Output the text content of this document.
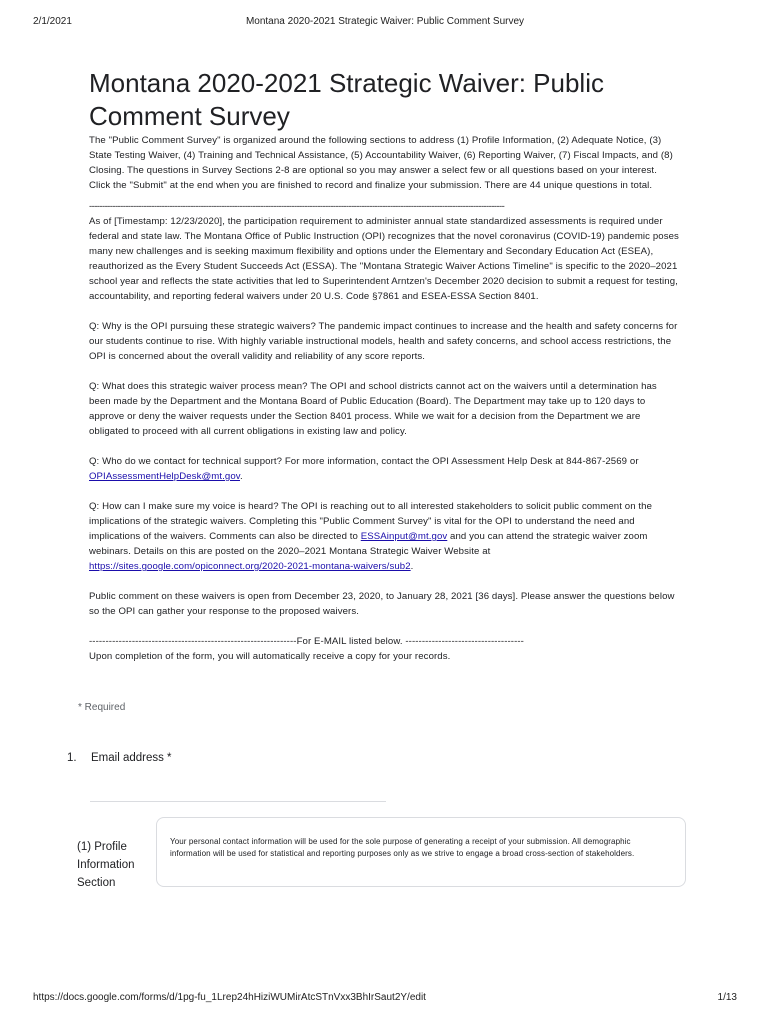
2/1/2021	Montana 2020-2021 Strategic Waiver: Public Comment Survey
Montana 2020-2021 Strategic Waiver: Public Comment Survey

The "Public Comment Survey" is organized around the following sections to address (1) Profile Information, (2) Adequate Notice, (3) State Testing Waiver, (4) Training and Technical Assistance, (5) Accountability Waiver, (6) Reporting Waiver, (7) Fiscal Impacts, and (8) Closing. The questions in Survey Sections 2-8 are optional so you may answer a select few or all questions based on your interest. Click the "Submit" at the end when you are finished to record and finalize your submission. There are 44 unique questions in total.

----------------------------------------------------------------------------------------------------------------------------------------------------------------

As of [Timestamp: 12/23/2020], the participation requirement to administer annual state standardized assessments is required under federal and state law. The Montana Office of Public Instruction (OPI) recognizes that the novel coronavirus (COVID-19) pandemic poses many new challenges and is seeking maximum flexibility and options under the Elementary and Secondary Education Act (ESEA), reauthorized as the Every Student Succeeds Act (ESSA). The "Montana Strategic Waiver Actions Timeline" is specific to the 2020–2021 school year and reflects the state activities that led to Superintendent Arntzen's December 2020 decision to submit a request for testing, accountability, and reporting federal waivers under 20 U.S. Code §7861 and ESEA-ESSA Section 8401.

Q: Why is the OPI pursuing these strategic waivers? The pandemic impact continues to increase and the health and safety concerns for our students continue to rise. With highly variable instructional models, health and safety concerns, and school access restrictions, the OPI is concerned about the overall validity and reliability of any score reports.

Q: What does this strategic waiver process mean? The OPI and school districts cannot act on the waivers until a determination has been made by the Department and the Montana Board of Public Education (Board). The Department may take up to 120 days to approve or deny the waiver requests under the Section 8401 process. While we wait for a decision from the Department we are obligated to proceed with all current obligations in existing law and policy.

Q: Who do we contact for technical support? For more information, contact the OPI Assessment Help Desk at 844-867-2569 or OPIAssessmentHelpDesk@mt.gov.

Q: How can I make sure my voice is heard? The OPI is reaching out to all interested stakeholders to solicit public comment on the implications of the strategic waivers. Completing this "Public Comment Survey" is vital for the OPI to understand the need and implications of the waivers. Comments can also be directed to ESSAinput@mt.gov and you can attend the strategic waiver zoom webinars. Details on this are posted on the 2020–2021 Montana Strategic Waiver Website at https://sites.google.com/opiconnect.org/2020-2021-montana-waivers/sub2.

Public comment on these waivers is open from December 23, 2020, to January 28, 2021 [36 days]. Please answer the questions below so the OPI can gather your response to the proposed waivers.

---------------------------------------------------------------For E-MAIL listed below. ------------------------------------

Upon completion of the form, you will automatically receive a copy for your records.

* Required
1. Email address *
(1) Profile Information Section
Your personal contact information will be used for the sole purpose of generating a receipt of your submission. All demographic information will be used for statistical and reporting purposes only as we strive to engage a broad cross-section of stakeholders.
https://docs.google.com/forms/d/1pg-fu_1Lrep24hHiziWUMirAtcSTnVxx3BhIrSaut2Y/edit	1/13
